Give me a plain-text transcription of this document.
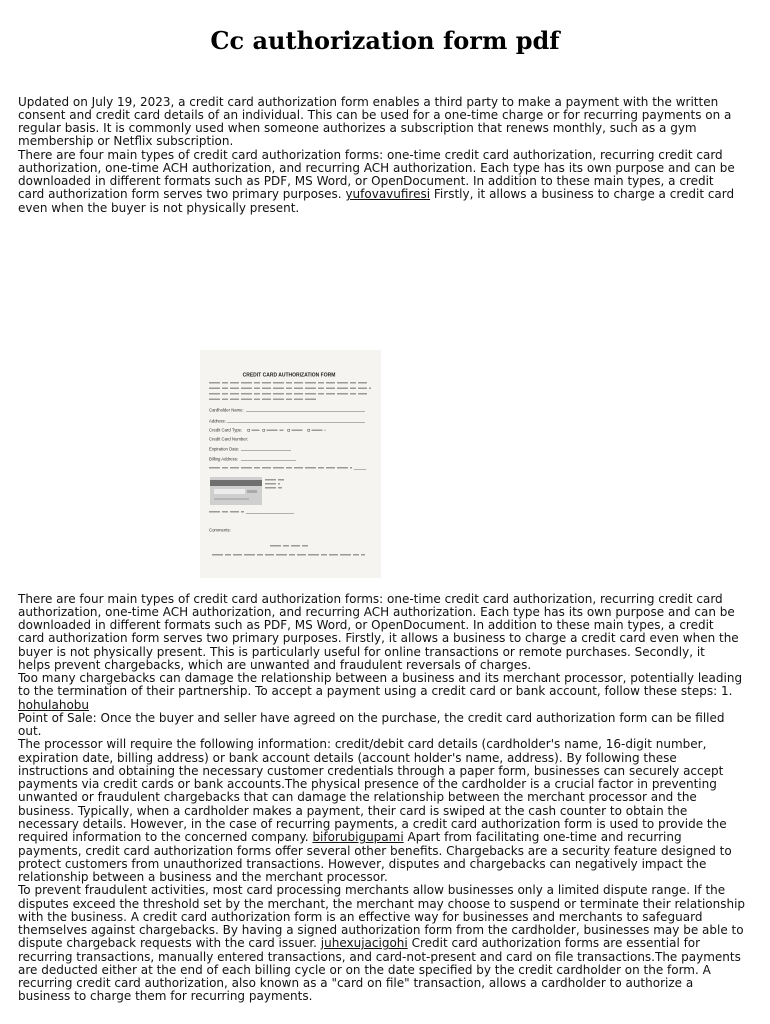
Cc authorization form pdf
Updated on July 19, 2023, a credit card authorization form enables a third party to make a payment with the written
consent and credit card details of an individual. This can be used for a one-time charge or for recurring payments on a
regular basis. It is commonly used when someone authorizes a subscription that renews monthly, such as a gym
membership or Netflix subscription.
There are four main types of credit card authorization forms: one-time credit card authorization, recurring credit card
authorization, one-time ACH authorization, and recurring ACH authorization. Each type has its own purpose and can be
downloaded in different formats such as PDF, MS Word, or OpenDocument. In addition to these main types, a credit
card authorization form serves two primary purposes. yufovavufiresi Firstly, it allows a business to charge a credit card
even when the buyer is not physically present.
CREDIT CARD AUTHORIZATION FORM
Cardholder Name:
Address:
Credit Card Type:
Credit Card Number:
Expiration Date:
Billing Address:
Comments:
There are four main types of credit card authorization forms: one-time credit card authorization, recurring credit card
authorization, one-time ACH authorization, and recurring ACH authorization. Each type has its own purpose and can be
downloaded in different formats such as PDF, MS Word, or OpenDocument. In addition to these main types, a credit
card authorization form serves two primary purposes. Firstly, it allows a business to charge a credit card even when the
buyer is not physically present. This is particularly useful for online transactions or remote purchases. Secondly, it
helps prevent chargebacks, which are unwanted and fraudulent reversals of charges.
Too many chargebacks can damage the relationship between a business and its merchant processor, potentially leading
to the termination of their partnership. To accept a payment using a credit card or bank account, follow these steps: 1.
hohulahobu
Point of Sale: Once the buyer and seller have agreed on the purchase, the credit card authorization form can be filled
out.
The processor will require the following information: credit/debit card details (cardholder's name, 16-digit number,
expiration date, billing address) or bank account details (account holder's name, address). By following these
instructions and obtaining the necessary customer credentials through a paper form, businesses can securely accept
payments via credit cards or bank accounts.The physical presence of the cardholder is a crucial factor in preventing
unwanted or fraudulent chargebacks that can damage the relationship between the merchant processor and the
business. Typically, when a cardholder makes a payment, their card is swiped at the cash counter to obtain the
necessary details. However, in the case of recurring payments, a credit card authorization form is used to provide the
required information to the concerned company. biforubigupami Apart from facilitating one-time and recurring
payments, credit card authorization forms offer several other benefits. Chargebacks are a security feature designed to
protect customers from unauthorized transactions. However, disputes and chargebacks can negatively impact the
relationship between a business and the merchant processor.
To prevent fraudulent activities, most card processing merchants allow businesses only a limited dispute range. If the
disputes exceed the threshold set by the merchant, the merchant may choose to suspend or terminate their relationship
with the business. A credit card authorization form is an effective way for businesses and merchants to safeguard
themselves against chargebacks. By having a signed authorization form from the cardholder, businesses may be able to
dispute chargeback requests with the card issuer. juhexujacigohi Credit card authorization forms are essential for
recurring transactions, manually entered transactions, and card-not-present and card on file transactions.The payments
are deducted either at the end of each billing cycle or on the date specified by the credit cardholder on the form. A
recurring credit card authorization, also known as a "card on file" transaction, allows a cardholder to authorize a
business to charge them for recurring payments.
